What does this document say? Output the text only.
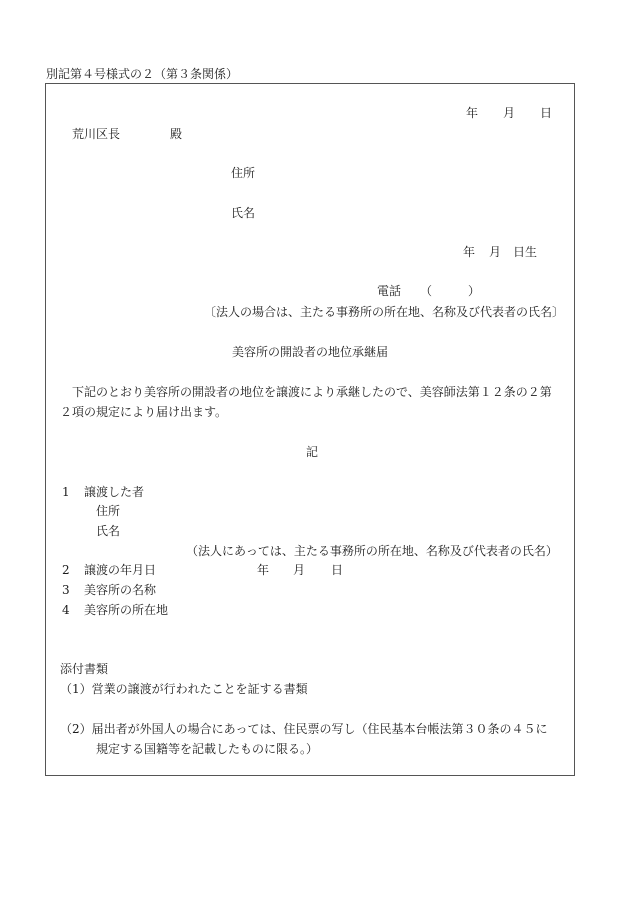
別記第４号様式の２（第３条関係）
年 月 日
荒川区長	殿
住所
氏名
年 月 日生
電話 （　　　）
〔法人の場合は、主たる事務所の所在地、名称及び代表者の氏名〕
美容所の開設者の地位承継届
下記のとおり美容所の開設者の地位を譲渡により承継したので、美容師法第１２条の２第
２項の規定により届け出ます。
記
1 譲渡した者
住所
氏名
（法人にあっては、主たる事務所の所在地、名称及び代表者の氏名）
2 譲渡の年月日	年 月 日
3 美容所の名称
4 美容所の所在地
添付書類
（1）営業の譲渡が行われたことを証する書類
（2）届出者が外国人の場合にあっては、住民票の写し（住民基本台帳法第３０条の４５に
規定する国籍等を記載したものに限る。）
